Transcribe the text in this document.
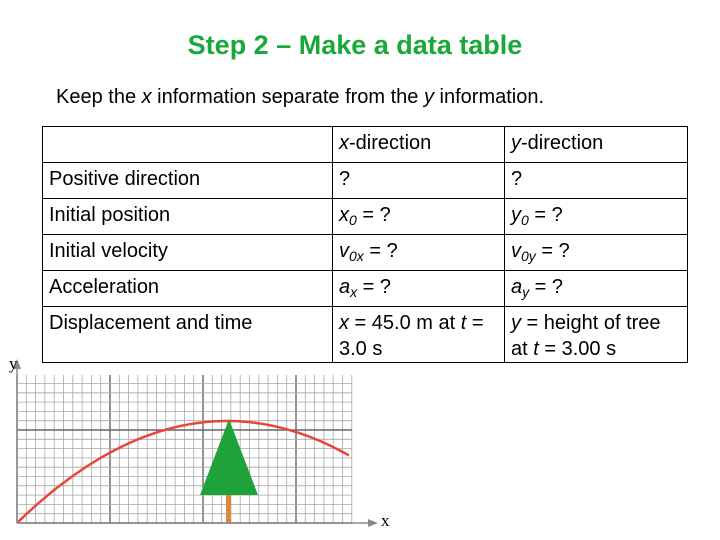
Step 2 – Make a data table
Keep the x information separate from the y information.
	x-direction	y-direction
Positive direction	?	?
Initial position	$x_0$ = ?	$y_0$ = ?
Initial velocity	$v_{0x}$ = ?	$v_{0y}$ = ?
Acceleration	$a_x$ = ?	$a_y$ = ?
Displacement and time	x = 45.0 m at t = 3.0 s	y = height of tree at t = 3.00 s
y
x
